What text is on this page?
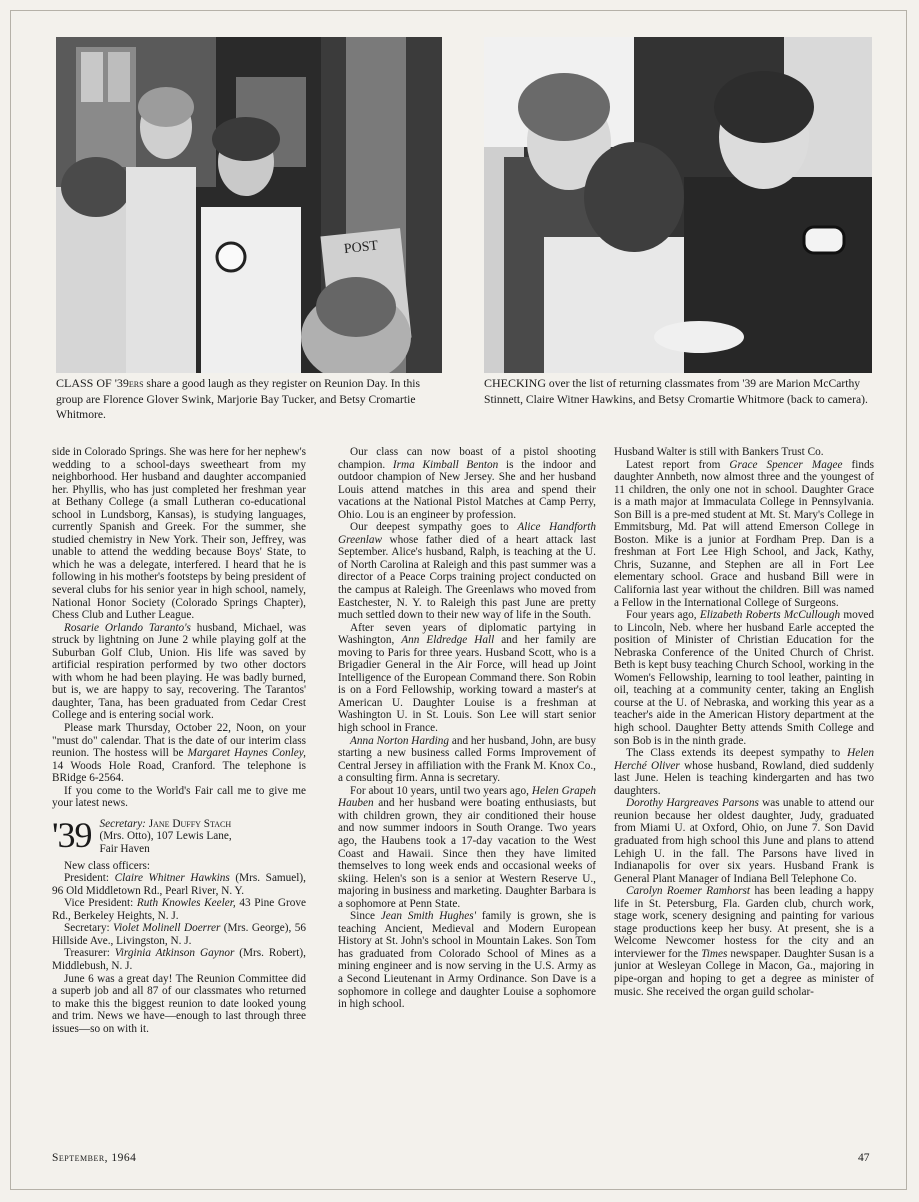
POST
CLASS OF '39ers share a good laugh as they register on Reunion Day. In this group are Florence Glover Swink, Marjorie Bay Tucker, and Betsy Cromartie Whitmore.
CHECKING over the list of returning classmates from '39 are Marion McCarthy Stinnett, Claire Witner Hawkins, and Betsy Cromartie Whitmore (back to camera).

side in Colorado Springs. She was here for her nephew's wedding to a school-days sweetheart from my neighborhood. Her husband and daughter accompanied her. Phyllis, who has just completed her freshman year at Bethany College (a small Lutheran co-educational school in Lundsborg, Kansas), is studying languages, currently Spanish and Greek. For the summer, she studied chemistry in New York. Their son, Jeffrey, was unable to attend the wedding because Boys' State, to which he was a delegate, interfered. I heard that he is following in his mother's footsteps by being president of several clubs for his senior year in high school, namely, National Honor Society (Colorado Springs Chapter), Chess Club and Luther League.

Rosarie Orlando Taranto's husband, Michael, was struck by lightning on June 2 while playing golf at the Suburban Golf Club, Union. His life was saved by artificial respiration performed by two other doctors with whom he had been playing. He was badly burned, but is, we are happy to say, recovering. The Tarantos' daughter, Tana, has been graduated from Cedar Crest College and is entering social work.

Please mark Thursday, October 22, Noon, on your "must do" calendar. That is the date of our interim class reunion. The hostess will be Margaret Haynes Conley, 14 Woods Hole Road, Cranford. The telephone is BRidge 6-2564.

If you come to the World's Fair call me to give me your latest news.

'39 Secretary: Jane Duffy Stach
(Mrs. Otto), 107 Lewis Lane,
Fair Haven

New class officers:

President: Claire Whitner Hawkins (Mrs. Samuel), 96 Old Middletown Rd., Pearl River, N. Y.

Vice President: Ruth Knowles Keeler, 43 Pine Grove Rd., Berkeley Heights, N. J.

Secretary: Violet Molinell Doerrer (Mrs. George), 56 Hillside Ave., Livingston, N. J.

Treasurer: Virginia Atkinson Gaynor (Mrs. Robert), Middlebush, N. J.

June 6 was a great day! The Reunion Committee did a superb job and all 87 of our classmates who returned to make this the biggest reunion to date looked young and trim. News we have—enough to last through three issues—so on with it.

Our class can now boast of a pistol shooting champion. Irma Kimball Benton is the indoor and outdoor champion of New Jersey. She and her husband Louis attend matches in this area and spend their vacations at the National Pistol Matches at Camp Perry, Ohio. Lou is an engineer by profession.

Our deepest sympathy goes to Alice Handforth Greenlaw whose father died of a heart attack last September. Alice's husband, Ralph, is teaching at the U. of North Carolina at Raleigh and this past summer was a director of a Peace Corps training project conducted on the campus at Raleigh. The Greenlaws who moved from Eastchester, N. Y. to Raleigh this past June are pretty much settled down to their new way of life in the South.

After seven years of diplomatic partying in Washington, Ann Eldredge Hall and her family are moving to Paris for three years. Husband Scott, who is a Brigadier General in the Air Force, will head up Joint Intelligence of the European Command there. Son Robin is on a Ford Fellowship, working toward a master's at American U. Daughter Louise is a freshman at Washington U. in St. Louis. Son Lee will start senior high school in France.

Anna Norton Harding and her husband, John, are busy starting a new business called Forms Improvement of Central Jersey in affiliation with the Frank M. Knox Co., a consulting firm. Anna is secretary.

For about 10 years, until two years ago, Helen Grapeh Hauben and her husband were boating enthusiasts, but with children grown, they air conditioned their house and now summer indoors in South Orange. Two years ago, the Haubens took a 17-day vacation to the West Coast and Hawaii. Since then they have limited themselves to long week ends and occasional weeks of skiing. Helen's son is a senior at Western Reserve U., majoring in business and marketing. Daughter Barbara is a sophomore at Penn State.

Since Jean Smith Hughes' family is grown, she is teaching Ancient, Medieval and Modern European History at St. John's school in Mountain Lakes. Son Tom has graduated from Colorado School of Mines as a mining engineer and is now serving in the U.S. Army as a Second Lieutenant in Army Ordinance. Son Dave is a sophomore in college and daughter Louise a sophomore in high school.

Husband Walter is still with Bankers Trust Co.

Latest report from Grace Spencer Magee finds daughter Annbeth, now almost three and the youngest of 11 children, the only one not in school. Daughter Grace is a math major at Immaculata College in Pennsylvania. Son Bill is a pre-med student at Mt. St. Mary's College in Emmitsburg, Md. Pat will attend Emerson College in Boston. Mike is a junior at Fordham Prep. Dan is a freshman at Fort Lee High School, and Jack, Kathy, Chris, Suzanne, and Stephen are all in Fort Lee elementary school. Grace and husband Bill were in California last year without the children. Bill was named a Fellow in the International College of Surgeons.

Four years ago, Elizabeth Roberts McCullough moved to Lincoln, Neb. where her husband Earle accepted the position of Minister of Christian Education for the Nebraska Conference of the United Church of Christ. Beth is kept busy teaching Church School, working in the Women's Fellowship, learning to tool leather, painting in oil, teaching at a community center, taking an English course at the U. of Nebraska, and working this year as a teacher's aide in the American History department at the high school. Daughter Betty attends Smith College and son Bob is in the ninth grade.

The Class extends its deepest sympathy to Helen Herché Oliver whose husband, Rowland, died suddenly last June. Helen is teaching kindergarten and has two daughters.

Dorothy Hargreaves Parsons was unable to attend our reunion because her oldest daughter, Judy, graduated from Miami U. at Oxford, Ohio, on June 7. Son David graduated from high school this June and plans to attend Lehigh U. in the fall. The Parsons have lived in Indianapolis for over six years. Husband Frank is General Plant Manager of Indiana Bell Telephone Co.

Carolyn Roemer Ramhorst has been leading a happy life in St. Petersburg, Fla. Garden club, church work, stage work, scenery designing and painting for various stage productions keep her busy. At present, she is a Welcome Newcomer hostess for the city and an interviewer for the Times newspaper. Daughter Susan is a junior at Wesleyan College in Macon, Ga., majoring in pipe-organ and hoping to get a degree as minister of music. She received the organ guild scholar-

September, 1964	47
